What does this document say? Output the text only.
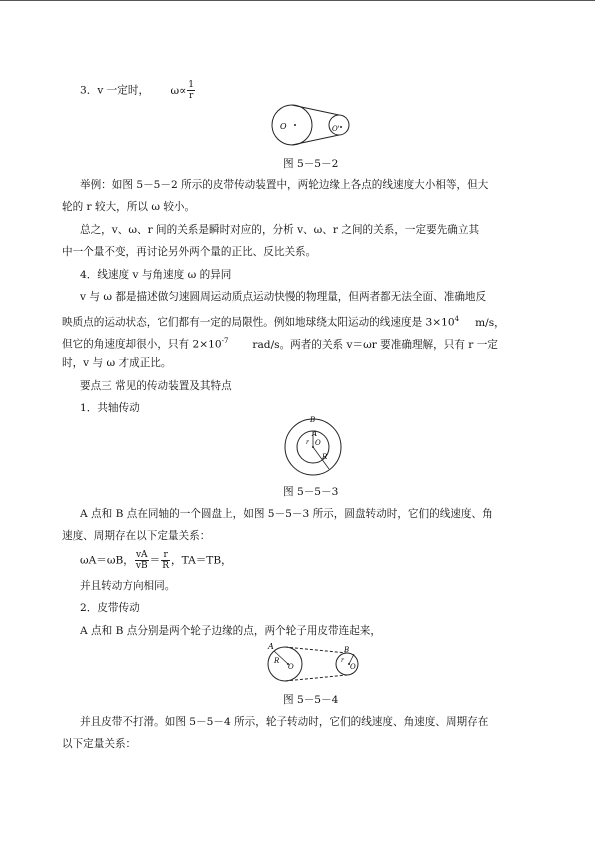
3．v 一定时， $\omega\propto \frac{1}{r}$
O	O'
图 5－5－2
举例：如图 5－5－2 所示的皮带传动装置中，两轮边缘上各点的线速度大小相等，但大
轮的 r 较大，所以 ω 较小。
总之，v、ω、r 间的关系是瞬时对应的，分析 v、ω、r 之间的关系，一定要先确立其
中一个量不变，再讨论另外两个量的正比、反比关系。
4．线速度 v 与角速度 ω 的异同
v 与 ω 都是描述做匀速圆周运动质点运动快慢的物理量，但两者都无法全面、准确地反
映质点的运动状态，它们都有一定的局限性。例如地球绕太阳运动的线速度是 $3\times 10^4$ m/s，
但它的角速度却很小，只有 $2\times 10^{-7}$ rad/s。两者的关系 v＝ωr 要准确理解，只有 r 一定
时，v 与 ω 才成正比。
要点三 常见的传动装置及其特点
1．共轴传动
B
A
O
r
R
图 5－5－3
A 点和 B 点在同轴的一个圆盘上，如图 5－5－3 所示，圆盘转动时，它们的线速度、角
速度、周期存在以下定量关系：
ωA＝ωB， $\frac{vA}{vB} = \frac{r}{R}$ ，TA＝TB，
并且转动方向相同。
2．皮带传动
A 点和 B 点分别是两个轮子边缘的点，两个轮子用皮带连起来，
A
R
O
B
r
O
图 5－5－4
并且皮带不打滑。如图 5－5－4 所示，轮子转动时，它们的线速度、角速度、周期存在
以下定量关系：
